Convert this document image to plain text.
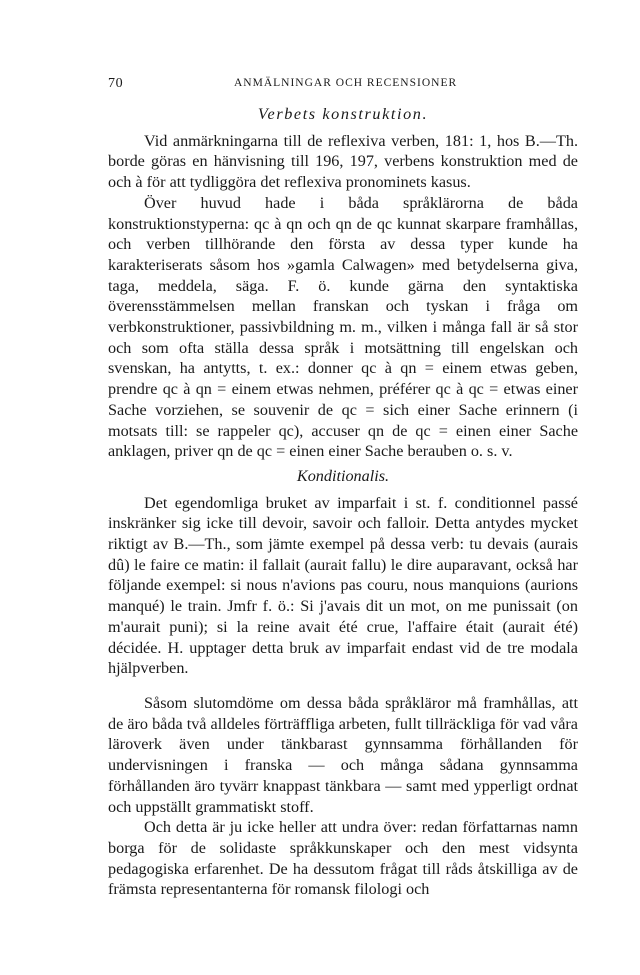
70	ANMÄLNINGAR OCH RECENSIONER
Verbets konstruktion.

Vid anmärkningarna till de reflexiva verben, 181: 1, hos B.—Th. borde göras en hänvisning till 196, 197, verbens konstruktion med de och à för att tydliggöra det reflexiva pronominets kasus.

Över huvud hade i båda språklärorna de båda konstruktionstyperna: qc à qn och qn de qc kunnat skarpare framhållas, och verben tillhörande den första av dessa typer kunde ha karakteriserats såsom hos »gamla Calwagen» med betydelserna giva, taga, meddela, säga. F. ö. kunde gärna den syntaktiska överensstämmelsen mellan franskan och tyskan i fråga om verbkonstruktioner, passivbildning m. m., vilken i många fall är så stor och som ofta ställa dessa språk i motsättning till engelskan och svenskan, ha antytts, t. ex.: donner qc à qn = einem etwas geben, prendre qc à qn = einem etwas nehmen, préférer qc à qc = etwas einer Sache vorziehen, se souvenir de qc = sich einer Sache erinnern (i motsats till: se rappeler qc), accuser qn de qc = einen einer Sache anklagen, priver qn de qc = einen einer Sache berauben o. s. v.

Konditionalis.

Det egendomliga bruket av imparfait i st. f. conditionnel passé inskränker sig icke till devoir, savoir och falloir. Detta antydes mycket riktigt av B.—Th., som jämte exempel på dessa verb: tu devais (aurais dû) le faire ce matin: il fallait (aurait fallu) le dire auparavant, också har följande exempel: si nous n'avions pas couru, nous manquions (aurions manqué) le train. Jmfr f. ö.: Si j'avais dit un mot, on me punissait (on m'aurait puni); si la reine avait été crue, l'affaire était (aurait été) décidée. H. upptager detta bruk av imparfait endast vid de tre modala hjälpverben.

Såsom slutomdöme om dessa båda språkläror må framhållas, att de äro båda två alldeles förträffliga arbeten, fullt tillräckliga för vad våra läroverk även under tänkbarast gynnsamma förhållanden för undervisningen i franska — och många sådana gynnsamma förhållanden äro tyvärr knappast tänkbara — samt med ypperligt ordnat och uppställt grammatiskt stoff.

Och detta är ju icke heller att undra över: redan författarnas namn borga för de solidaste språkkunskaper och den mest vidsynta pedagogiska erfarenhet. De ha dessutom frågat till råds åtskilliga av de främsta representanterna för romansk filologi och
